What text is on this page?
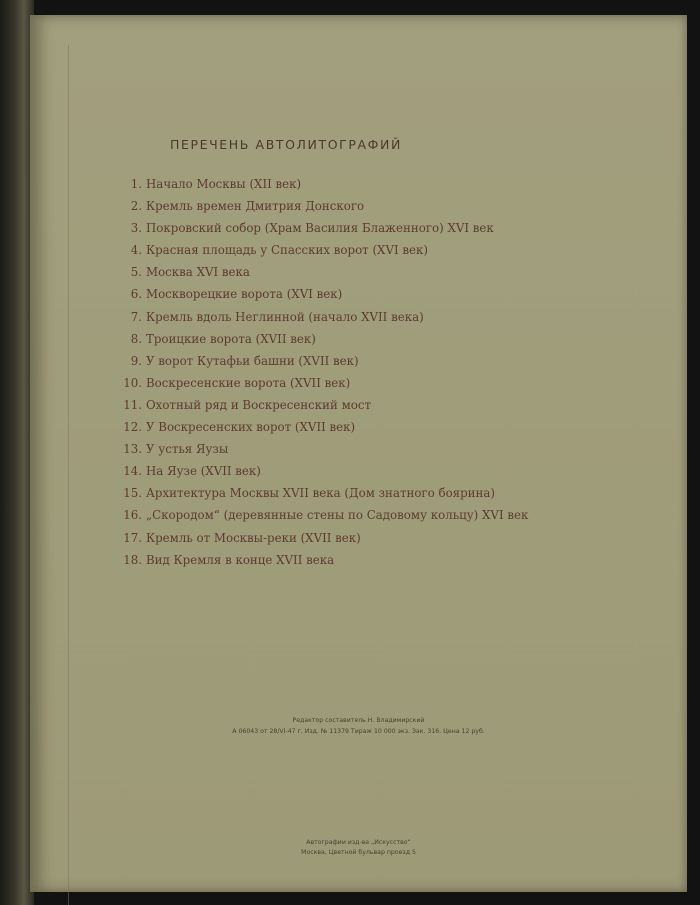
ПЕРЕЧЕНЬ АВТОЛИТОГРАФИЙ
1. Начало Москвы (XII век)
2. Кремль времен Дмитрия Донского
3. Покровский собор (Храм Василия Блаженного) XVI век
4. Красная площадь у Спасских ворот (XVI век)
5. Москва XVI века
6. Москворецкие ворота (XVI век)
7. Кремль вдоль Неглинной (начало XVII века)
8. Троицкие ворота (XVII век)
9. У ворот Кутафьи башни (XVII век)
10. Воскресенские ворота (XVII век)
11. Охотный ряд и Воскресенский мост
12. У Воскресенских ворот (XVII век)
13. У устья Яузы
14. На Яузе (XVII век)
15. Архитектура Москвы XVII века (Дом знатного боярина)
16. „Скородом“ (деревянные стены по Садовому кольцу) XVI век
17. Кремль от Москвы-реки (XVII век)
18. Вид Кремля в конце XVII века
Редактор составитель Н. Владимирский
А 06043 от 28/VI-47 г. Изд. № 11379 Тираж 10 000 экз. Зак. 316. Цена 12 руб.
Автографии изд-ва „Искусство“
Москва, Цветной бульвар проезд 5
